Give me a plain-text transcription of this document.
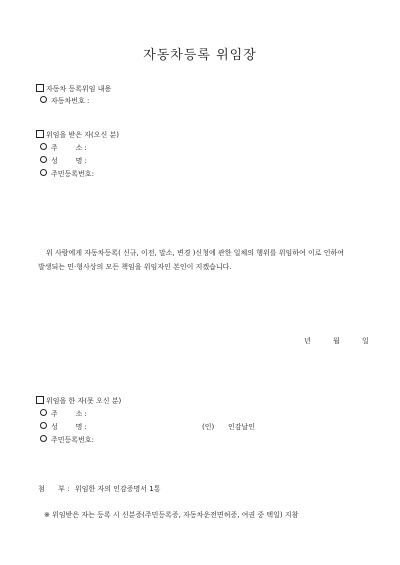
자동차등록 위임장
자동차 등록위임 내용
자동차번호 :
위임을 받은 자(오신 분)
주        소 :
성        명 :
주민등록번호:
위 사람에게 자동차등록( 신규, 이전, 말소, 변경 )신청에 관한 일체의 행위를 위임하여 이로 인하여 발생되는 민·형사상의 모든 책임을 위임자인 본인이 지겠습니다.
년	월	일
위임을 한 자(못 오신 분)
주        소 :
성        명 :	(인) 인감날인
주민등록번호:
첨      부 : 위임한 자의 인감증명서 1통
※ 위임받은 자는 등록 시 신분증(주민등록증, 자동차운전면허증, 여권 중 택일) 지참
